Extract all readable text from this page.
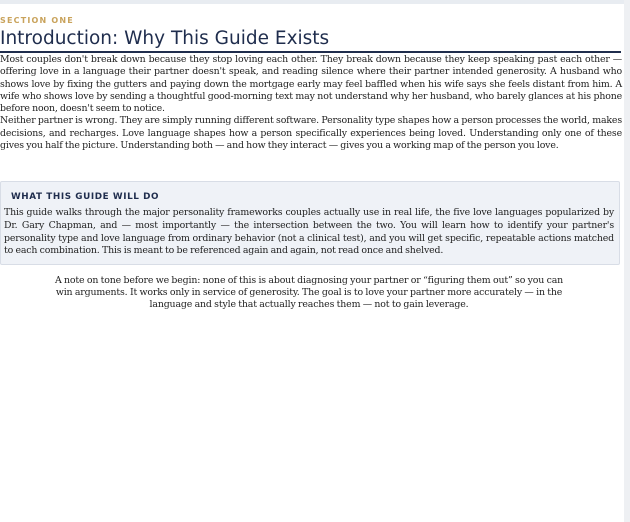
SECTION ONE
Introduction: Why This Guide Exists

Most couples don't break down because they stop loving each other. They break down because they keep speaking past each other — offering love in a language their partner doesn't speak, and reading silence where their partner intended generosity. A husband who shows love by fixing the gutters and paying down the mortgage early may feel baffled when his wife says she feels distant from him. A wife who shows love by sending a thoughtful good-morning text may not understand why her husband, who barely glances at his phone before noon, doesn't seem to notice.

Neither partner is wrong. They are simply running different software. Personality type shapes how a person processes the world, makes decisions, and recharges. Love language shapes how a person specifically experiences being loved. Understanding only one of these gives you half the picture. Understanding both — and how they interact — gives you a working map of the person you love.

WHAT THIS GUIDE WILL DO

This guide walks through the major personality frameworks couples actually use in real life, the five love languages popularized by Dr. Gary Chapman, and — most importantly — the intersection between the two. You will learn how to identify your partner's personality type and love language from ordinary behavior (not a clinical test), and you will get specific, repeatable actions matched to each combination. This is meant to be referenced again and again, not read once and shelved.

A note on tone before we begin: none of this is about diagnosing your partner or “figuring them out” so you can win arguments. It works only in service of generosity. The goal is to love your partner more accurately — in the language and style that actually reaches them — not to gain leverage.
